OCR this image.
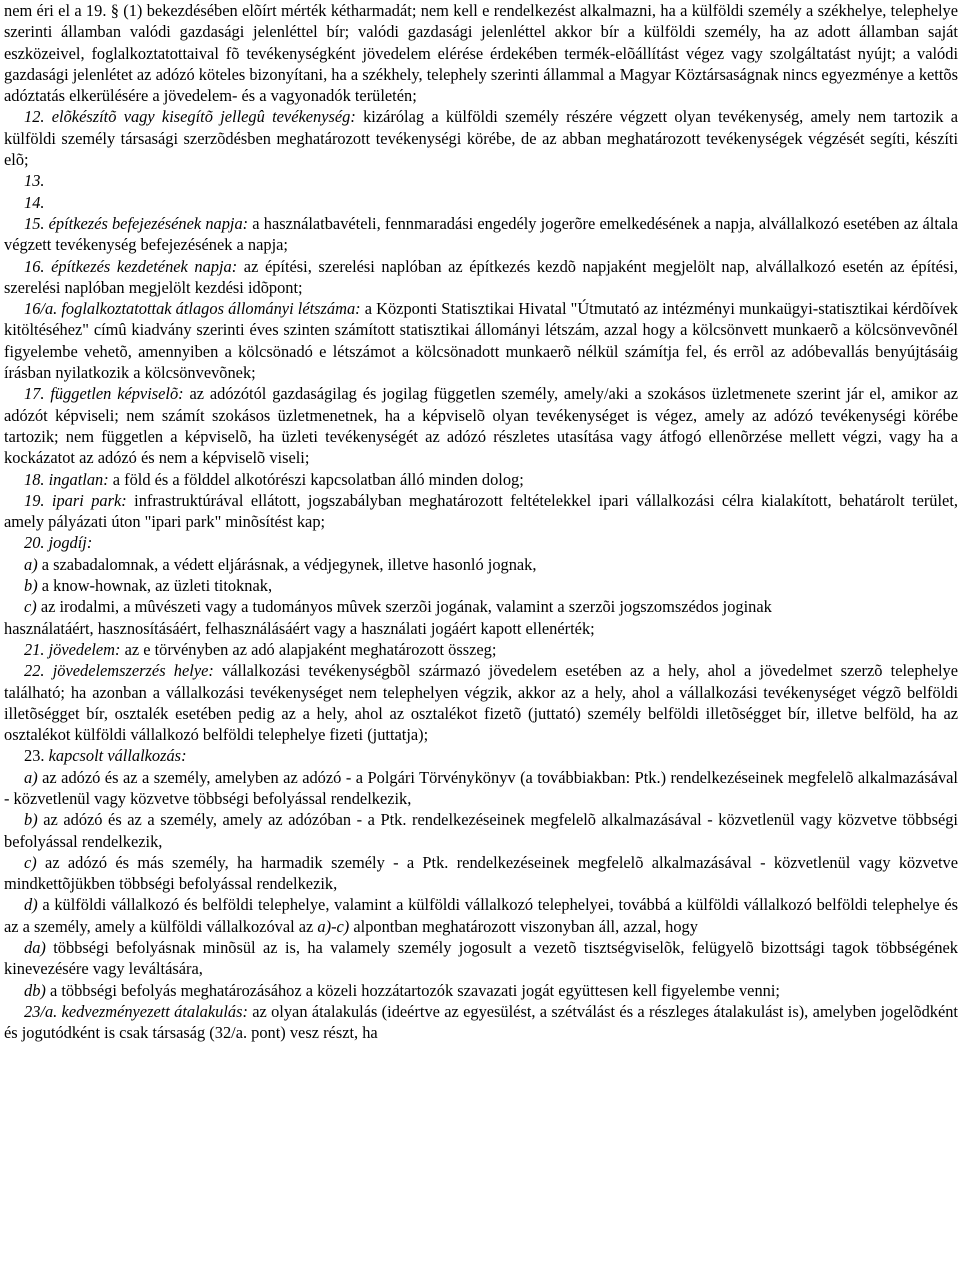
nem éri el a 19. § (1) bekezdésében elõírt mérték kétharmadát; nem kell e rendelkezést alkalmazni, ha a külföldi személy a székhelye, telephelye szerinti államban valódi gazdasági jelenléttel bír; valódi gazdasági jelenléttel akkor bír a külföldi személy, ha az adott államban saját eszközeivel, foglalkoztatottaival fõ tevékenységként jövedelem elérése érdekében termék-elõállítást végez vagy szolgáltatást nyújt; a valódi gazdasági jelenlétet az adózó köteles bizonyítani, ha a székhely, telephely szerinti állammal a Magyar Köztársaságnak nincs egyezménye a kettõs adóztatás elkerülésére a jövedelem- és a vagyonadók területén;

12. elõkészítõ vagy kisegítõ jellegû tevékenység: kizárólag a külföldi személy részére végzett olyan tevékenység, amely nem tartozik a külföldi személy társasági szerzõdésben meghatározott tevékenységi körébe, de az abban meghatározott tevékenységek végzését segíti, készíti elõ;

13.

14.

15. építkezés befejezésének napja: a használatbavételi, fennmaradási engedély jogerõre emelkedésének a napja, alvállalkozó esetében az általa végzett tevékenység befejezésének a napja;

16. építkezés kezdetének napja: az építési, szerelési naplóban az építkezés kezdõ napjaként megjelölt nap, alvállalkozó esetén az építési, szerelési naplóban megjelölt kezdési idõpont;

16/a. foglalkoztatottak átlagos állományi létszáma: a Központi Statisztikai Hivatal "Útmutató az intézményi munkaügyi-statisztikai kérdõívek kitöltéséhez" címû kiadvány szerinti éves szinten számított statisztikai állományi létszám, azzal hogy a kölcsönvett munkaerõ a kölcsönvevõnél figyelembe vehetõ, amennyiben a kölcsönadó e létszámot a kölcsönadott munkaerõ nélkül számítja fel, és errõl az adóbevallás benyújtásáig írásban nyilatkozik a kölcsönvevõnek;

17. független képviselõ: az adózótól gazdaságilag és jogilag független személy, amely/aki a szokásos üzletmenete szerint jár el, amikor az adózót képviseli; nem számít szokásos üzletmenetnek, ha a képviselõ olyan tevékenységet is végez, amely az adózó tevékenységi körébe tartozik; nem független a képviselõ, ha üzleti tevékenységét az adózó részletes utasítása vagy átfogó ellenõrzése mellett végzi, vagy ha a kockázatot az adózó és nem a képviselõ viseli;

18. ingatlan: a föld és a földdel alkotórészi kapcsolatban álló minden dolog;

19. ipari park: infrastruktúrával ellátott, jogszabályban meghatározott feltételekkel ipari vállalkozási célra kialakított, behatárolt terület, amely pályázati úton "ipari park" minõsítést kap;

20. jogdíj:

a) a szabadalomnak, a védett eljárásnak, a védjegynek, illetve hasonló jognak,

b) a know-hownak, az üzleti titoknak,

c) az irodalmi, a mûvészeti vagy a tudományos mûvek szerzõi jogának, valamint a szerzõi jogszomszédos joginak

használatáért, hasznosításáért, felhasználásáért vagy a használati jogáért kapott ellenérték;

21. jövedelem: az e törvényben az adó alapjaként meghatározott összeg;

22. jövedelemszerzés helye: vállalkozási tevékenységbõl származó jövedelem esetében az a hely, ahol a jövedelmet szerzõ telephelye található; ha azonban a vállalkozási tevékenységet nem telephelyen végzik, akkor az a hely, ahol a vállalkozási tevékenységet végzõ belföldi illetõségget bír, osztalék esetében pedig az a hely, ahol az osztalékot fizetõ (juttató) személy belföldi illetõségget bír, illetve belföld, ha az osztalékot külföldi vállalkozó belföldi telephelye fizeti (juttatja);

23. kapcsolt vállalkozás:

a) az adózó és az a személy, amelyben az adózó - a Polgári Törvénykönyv (a továbbiakban: Ptk.) rendelkezéseinek megfelelõ alkalmazásával - közvetlenül vagy közvetve többségi befolyással rendelkezik,

b) az adózó és az a személy, amely az adózóban - a Ptk. rendelkezéseinek megfelelõ alkalmazásával - közvetlenül vagy közvetve többségi befolyással rendelkezik,

c) az adózó és más személy, ha harmadik személy - a Ptk. rendelkezéseinek megfelelõ alkalmazásával - közvetlenül vagy közvetve mindkettõjükben többségi befolyással rendelkezik,

d) a külföldi vállalkozó és belföldi telephelye, valamint a külföldi vállalkozó telephelyei, továbbá a külföldi vállalkozó belföldi telephelye és az a személy, amely a külföldi vállalkozóval az a)-c) alpontban meghatározott viszonyban áll, azzal, hogy

da) többségi befolyásnak minõsül az is, ha valamely személy jogosult a vezetõ tisztségviselõk, felügyelõ bizottsági tagok többségének kinevezésére vagy leváltására,

db) a többségi befolyás meghatározásához a közeli hozzátartozók szavazati jogát együttesen kell figyelembe venni;

23/a. kedvezményezett átalakulás: az olyan átalakulás (ideértve az egyesülést, a szétválást és a részleges átalakulást is), amelyben jogelõdként és jogutódként is csak társaság (32/a. pont) vesz részt, ha
